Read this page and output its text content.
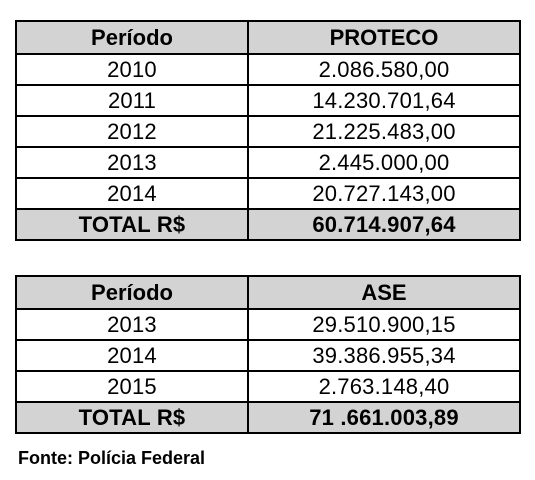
Período	PROTECO
2010	2.086.580,00
2011	14.230.701,64
2012	21.225.483,00
2013	2.445.000,00
2014	20.727.143,00
TOTAL R$	60.714.907,64
Período	ASE
2013	29.510.900,15
2014	39.386.955,34
2015	2.763.148,40
TOTAL R$	71 .661.003,89
Fonte: Polícia Federal
